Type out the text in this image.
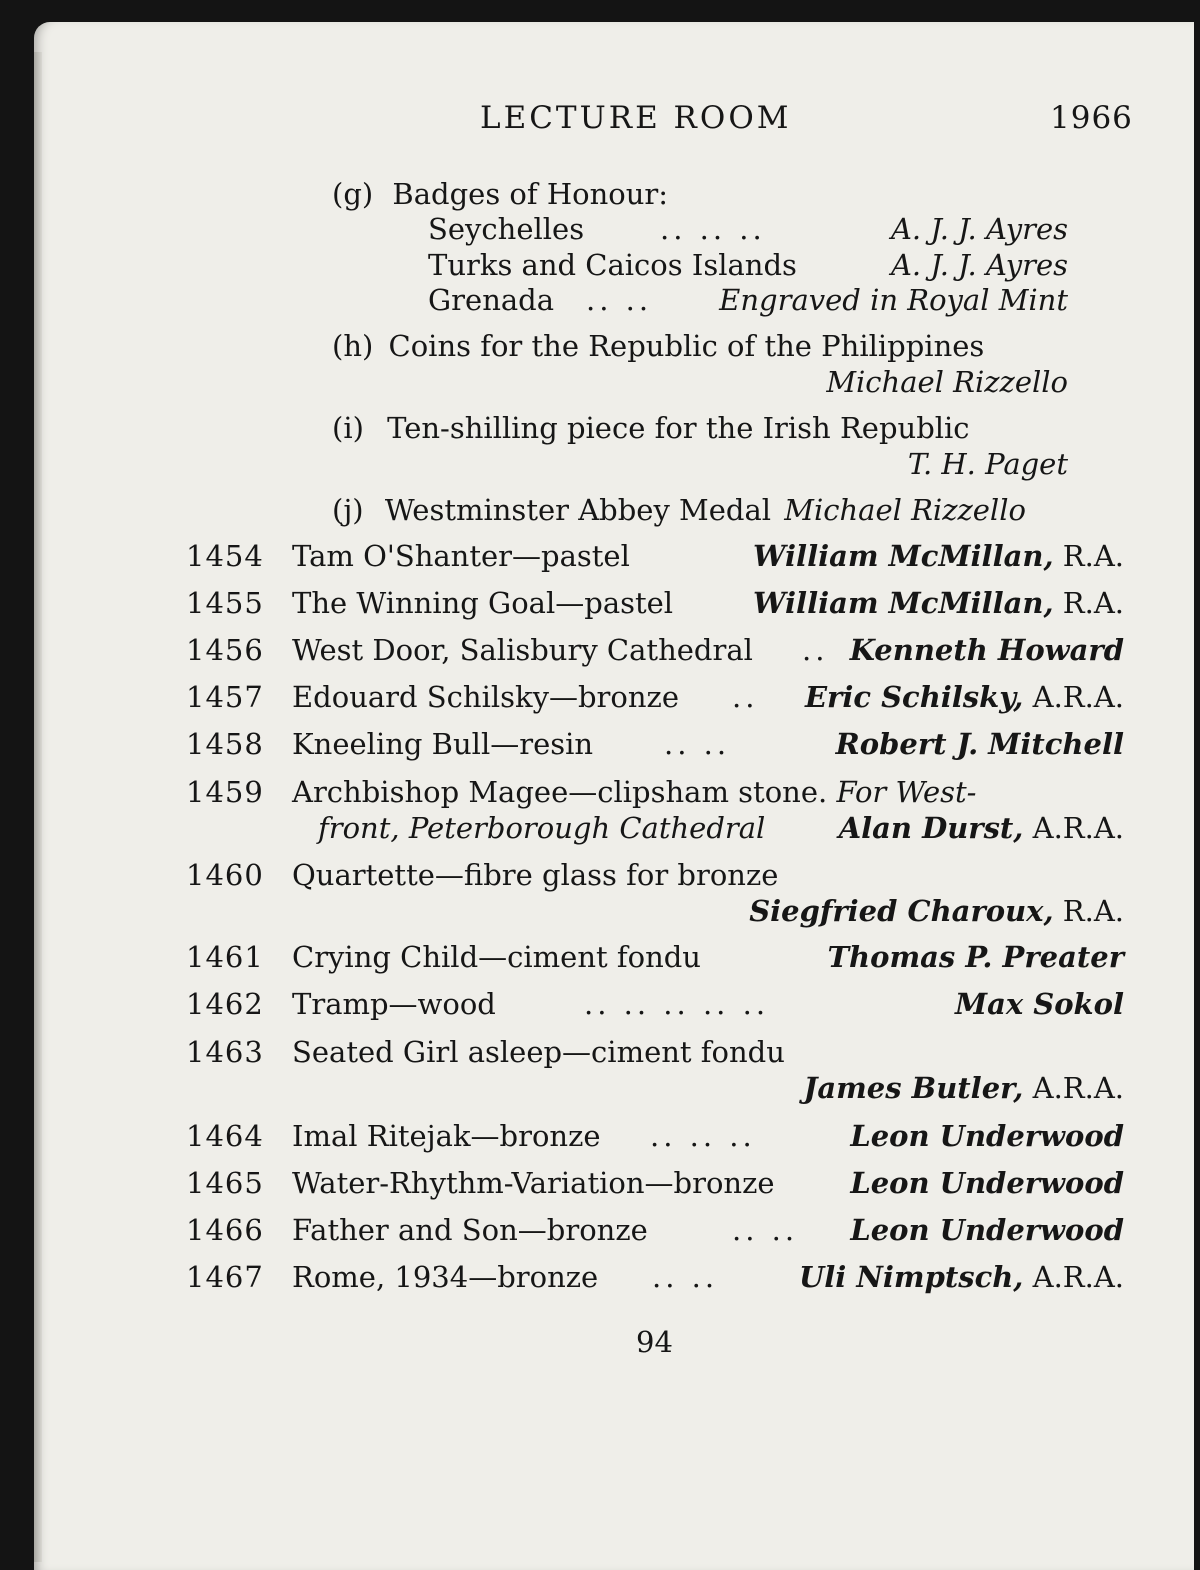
LECTURE ROOM	1966
(g) Badges of Honour:
Seychelles	.. .. ..	A. J. J. Ayres
Turks and Caicos Islands	A. J. J. Ayres
Grenada .. .. Engraved in Royal Mint
(h) Coins for the Republic of the Philippines
Michael Rizzello
(i) Ten-shilling piece for the Irish Republic
T. H. Paget
(j) Westminster Abbey Medal Michael Rizzello
1454 Tam O'Shanter—pastel	William McMillan, R.A.
1455 The Winning Goal—pastel	William McMillan, R.A.
1456 West Door, Salisbury Cathedral .. Kenneth Howard
1457 Edouard Schilsky—bronze .. Eric Schilsky, A.R.A.
1458 Kneeling Bull—resin .. ..	Robert J. Mitchell
1459 Archbishop Magee—clipsham stone. For West-
front, Peterborough Cathedral	Alan Durst, A.R.A.
1460 Quartette—fibre glass for bronze
Siegfried Charoux, R.A.
1461 Crying Child—ciment fondu	Thomas P. Preater
1462 Tramp—wood	.. .. .. .. ..	Max Sokol
1463 Seated Girl asleep—ciment fondu
James Butler, A.R.A.
1464 Imal Ritejak—bronze .. .. ..	Leon Underwood
1465 Water-Rhythm-Variation—bronze	Leon Underwood
1466 Father and Son—bronze	.. .. Leon Underwood
1467 Rome, 1934—bronze .. ..	Uli Nimptsch, A.R.A.
94
